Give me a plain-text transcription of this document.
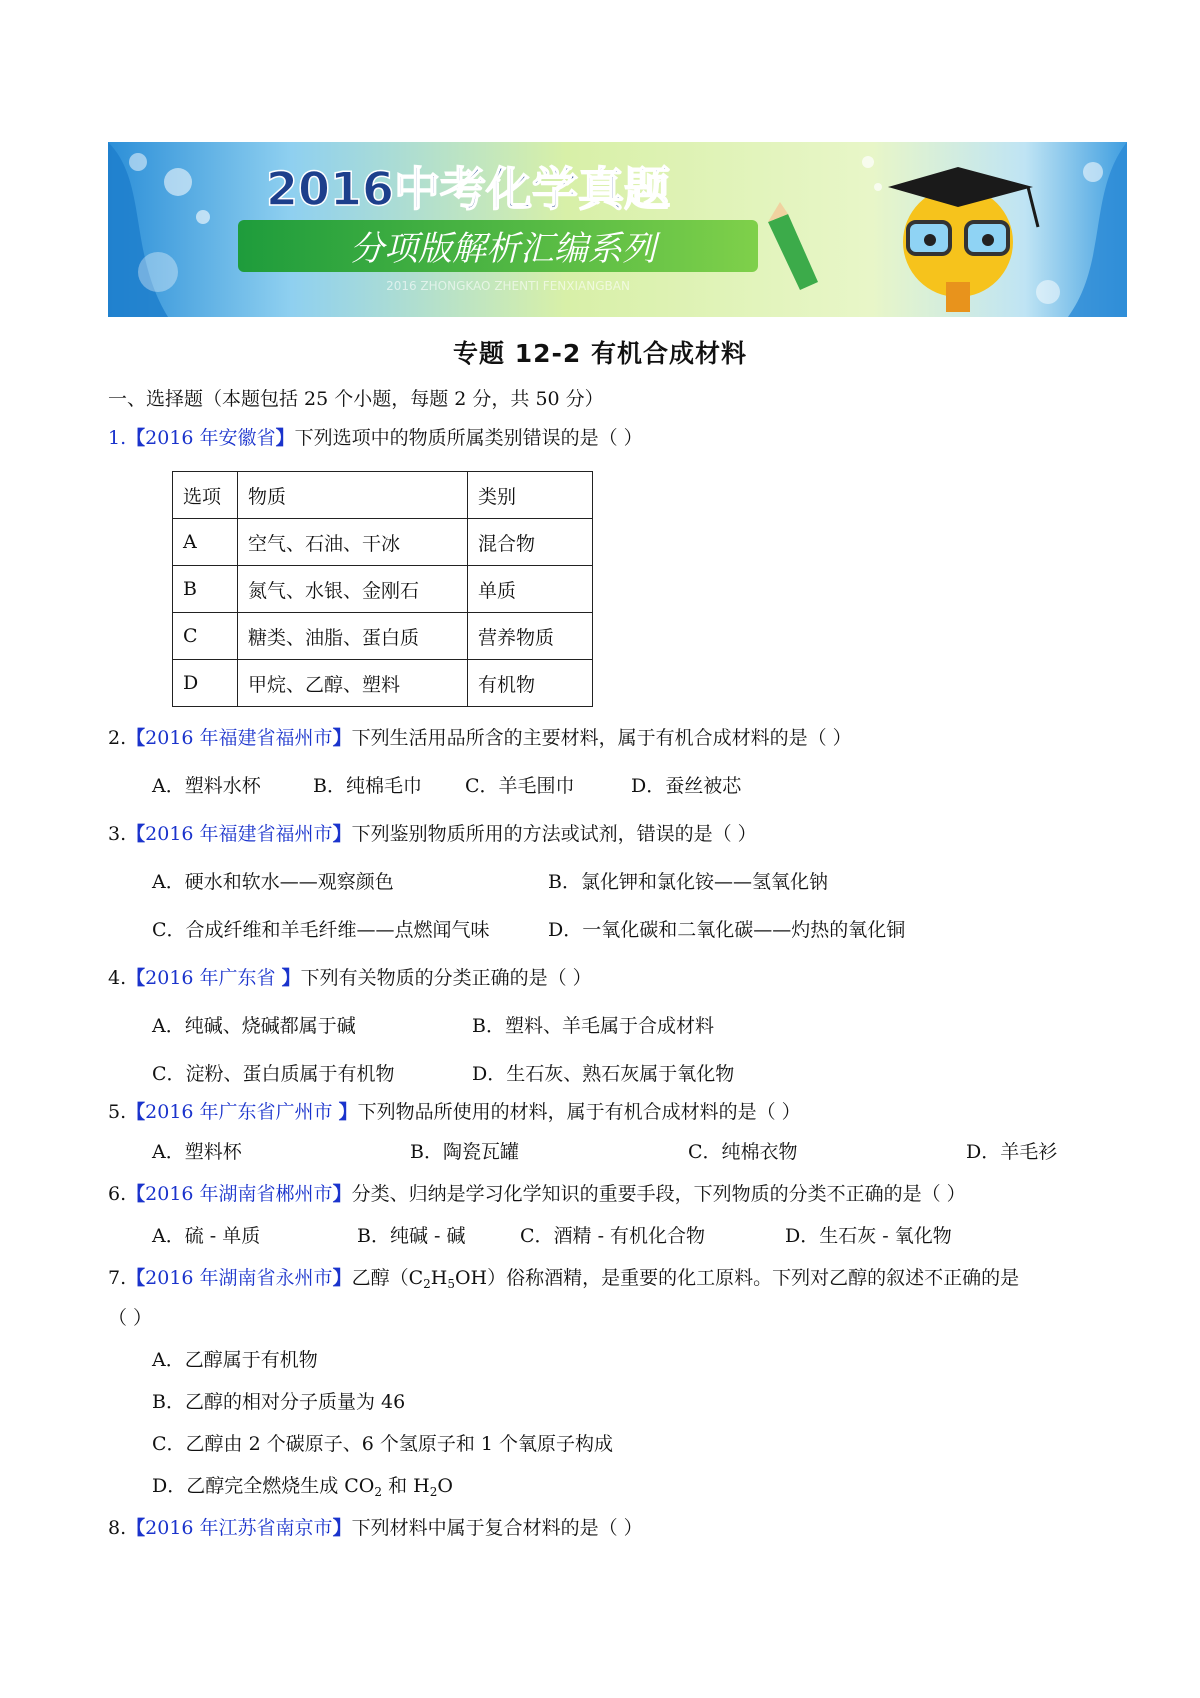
2016 ZHONGKAO ZHENTI FENXIANGBAN
2016中考化学真题
分项版解析汇编系列
专题 12-2 有机合成材料
一、选择题（本题包括 25 个小题，每题 2 分，共 50 分）
1.【2016 年安徽省】下列选项中的物质所属类别错误的是（ ）
选项	物质	类别
A	空气、石油、干冰	混合物
B	氮气、水银、金刚石	单质
C	糖类、油脂、蛋白质	营养物质
D	甲烷、乙醇、塑料	有机物
2.【2016 年福建省福州市】下列生活用品所含的主要材料，属于有机合成材料的是（ ）
A．塑料水杯	B．纯棉毛巾 C．羊毛围巾	D．蚕丝被芯
3.【2016 年福建省福州市】下列鉴别物质所用的方法或试剂，错误的是（ ）
A．硬水和软水——观察颜色	B．氯化钾和氯化铵——氢氧化钠
C．合成纤维和羊毛纤维——点燃闻气味	D．一氧化碳和二氧化碳——灼热的氧化铜
4.【2016 年广东省 】下列有关物质的分类正确的是（ ）
A．纯碱、烧碱都属于碱	B．塑料、羊毛属于合成材料
C．淀粉、蛋白质属于有机物	D．生石灰、熟石灰属于氧化物
5.【2016 年广东省广州市 】下列物品所使用的材料，属于有机合成材料的是（ ）
A．塑料杯	B．陶瓷瓦罐	C．纯棉衣物	D．羊毛衫
6.【2016 年湖南省郴州市】分类、归纳是学习化学知识的重要手段，下列物质的分类不正确的是（ ）
A．硫 - 单质	B．纯碱 - 碱	C．酒精 - 有机化合物	D．生石灰 - 氧化物
7.【2016 年湖南省永州市】乙醇$(C_2H_5OH)$俗称酒精，是重要的化工原料。下列对乙醇的叙述不正确的是
（ ）
A．乙醇属于有机物
B．乙醇的相对分子质量为 46
C．乙醇由 2 个碳原子、6 个氢原子和 1 个氧原子构成
D．乙醇完全燃烧生成 $CO_2$ 和 $H_2O$
8.【2016 年江苏省南京市】下列材料中属于复合材料的是（ ）
